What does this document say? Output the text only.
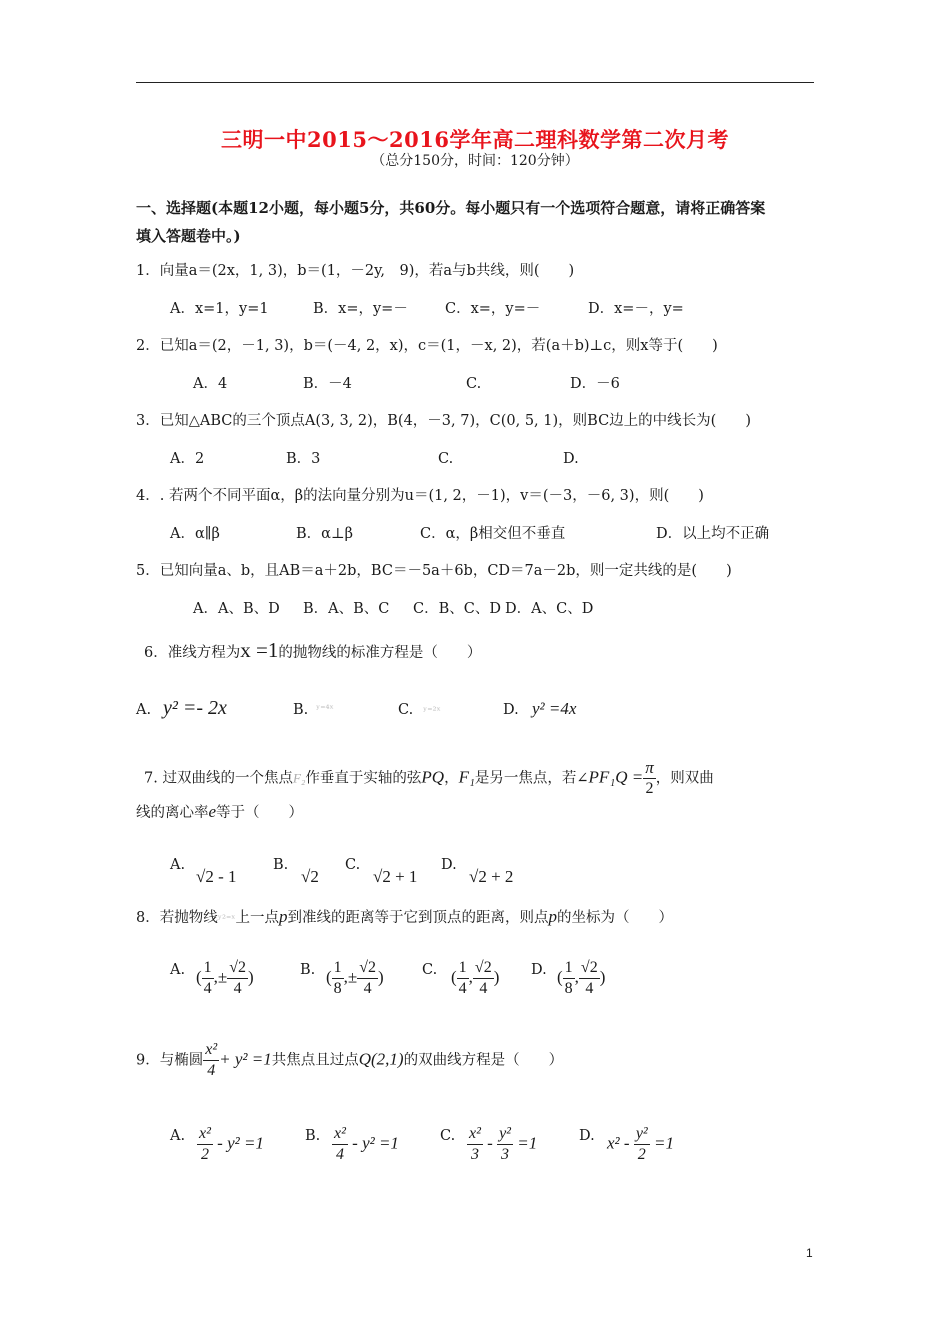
三明一中2015～2016学年高二理科数学第二次月考
（总分150分，时间：120分钟）
一、选择题(本题12小题，每小题5分，共60分。每小题只有一个选项符合题意，请将正确答案
填入答题卷中。)
1．向量a＝(2x，1, 3)，b＝(1，－2y,　9)，若a与b共线，则(　　)
A．x=1，y=1	B．x=，y=－	C．x=，y=－	D．x=－，y=
2．已知a＝(2，－1, 3)，b＝(－4, 2，x)，c＝(1，－x, 2)，若(a＋b)⊥c，则x等于(　　)
A．4	B．－4	C.	D．－6
3．已知△ABC的三个顶点A(3, 3, 2)，B(4，－3, 7)，C(0, 5, 1)，则BC边上的中线长为(　　)
A．2	B．3	C.	D.
4．. 若两个不同平面α，β的法向量分别为u＝(1, 2，－1)，v＝(－3，－6, 3)，则(　　)
A．α∥β	B．α⊥β	C．α，β相交但不垂直	D．以上均不正确
5．已知向量a、b，且AB＝a＋2b，BC＝－5a＋6b，CD＝7a－2b，则一定共线的是(　　)
A．A、B、D B．A、B、C C．B、C、D D．A、C、D
6．准线方程为x =1的抛物线的标准方程是（　　）
A. y² =- 2x	B. ʸ⁼⁴ˣ	C. ʸ⁼²ˣ	D. y² =4x
7. 过双曲线的一个焦点F₂作垂直于实轴的弦PQ，F₁是另一焦点，若∠PF₁Q = $\frac{\pi}{2}$ ，则双曲
线的离心率e等于（　　）
A.
√2 - 1
B.
√2
C.
√2 + 1
D.
√2 + 2
8．若抛物线ʸ²⁼ˣ上一点p到准线的距离等于它到顶点的距离，则点p的坐标为（　　）
A. ( $\frac{1}{4}$ ,± $\frac{√2}{4}$ )	B. ( $\frac{1}{8}$ ,± $\frac{√2}{4}$ )	C. ( $\frac{1}{4}$ , $\frac{√2}{4}$ ) D. ( $\frac{1}{8}$ , $\frac{√2}{4}$ )
9．与椭圆 $\frac{\text{x²}}{4} + y^2 =1$共焦点且过点Q(2,1)的双曲线方程是（　　）
A. $\frac{\text{x²}}{2} - y^2 =1$	B. $\frac{\text{x²}}{4} - y^2 =1$	C. $\frac{\text{x²}}{3} - \frac{\text{y²}}{3} =1$	D. $x^2 - \frac{\text{y²}}{2} =1$
1
